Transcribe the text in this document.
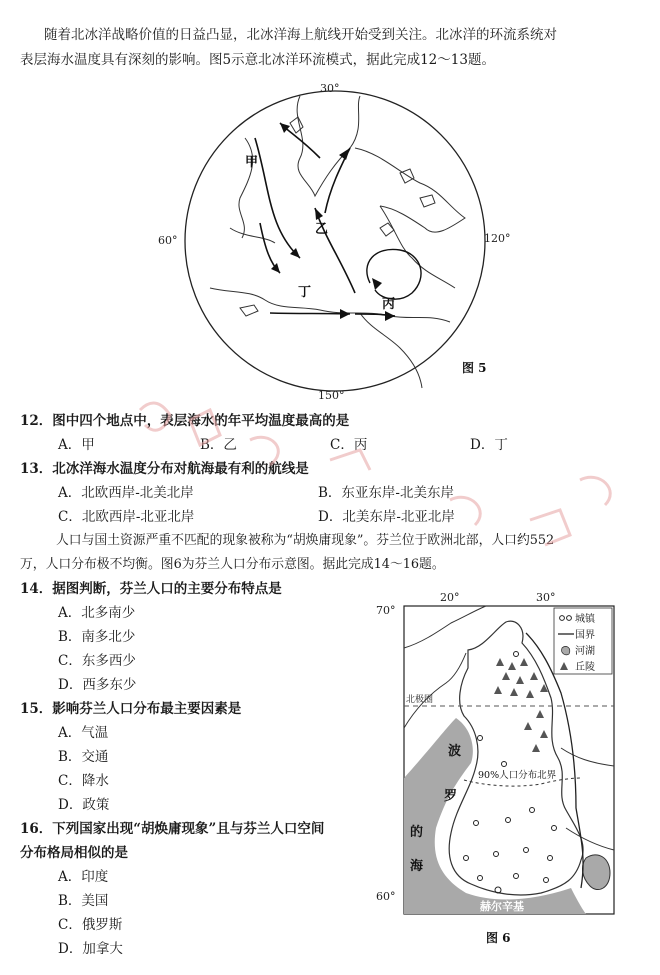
随着北冰洋战略价值的日益凸显，北冰洋海上航线开始受到关注。北冰洋的环流系统对
表层海水温度具有深刻的影响。图5示意北冰洋环流模式，据此完成12～13题。
30°
60°	120°
150°
甲
乙
丙
丁
图 5
12．图中四个地点中，表层海水的年平均温度最高的是
A．甲	B．乙	C．丙	D．丁
13．北冰洋海水温度分布对航海最有利的航线是
A．北欧西岸-北美北岸	B．东亚东岸-北美东岸
C．北欧西岸-北亚北岸	D．北美东岸-北亚北岸
人口与国土资源严重不匹配的现象被称为“胡焕庸现象”。芬兰位于欧洲北部，人口约552
万，人口分布极不均衡。图6为芬兰人口分布示意图。据此完成14～16题。
14．据图判断，芬兰人口的主要分布特点是
A．北多南少
B．南多北少
C．东多西少
D．西多东少
15．影响芬兰人口分布最主要因素是
A．气温
B．交通
C．降水
D．政策
16．下列国家出现“胡焕庸现象”且与芬兰人口空间
分布格局相似的是
A．印度
B．美国
C．俄罗斯
D．加拿大
20°	30°
70°
60°
北极圈
90%人口分布北界
波
罗
的
海
赫尔辛基
城镇
国界
河湖
丘陵
图 6
